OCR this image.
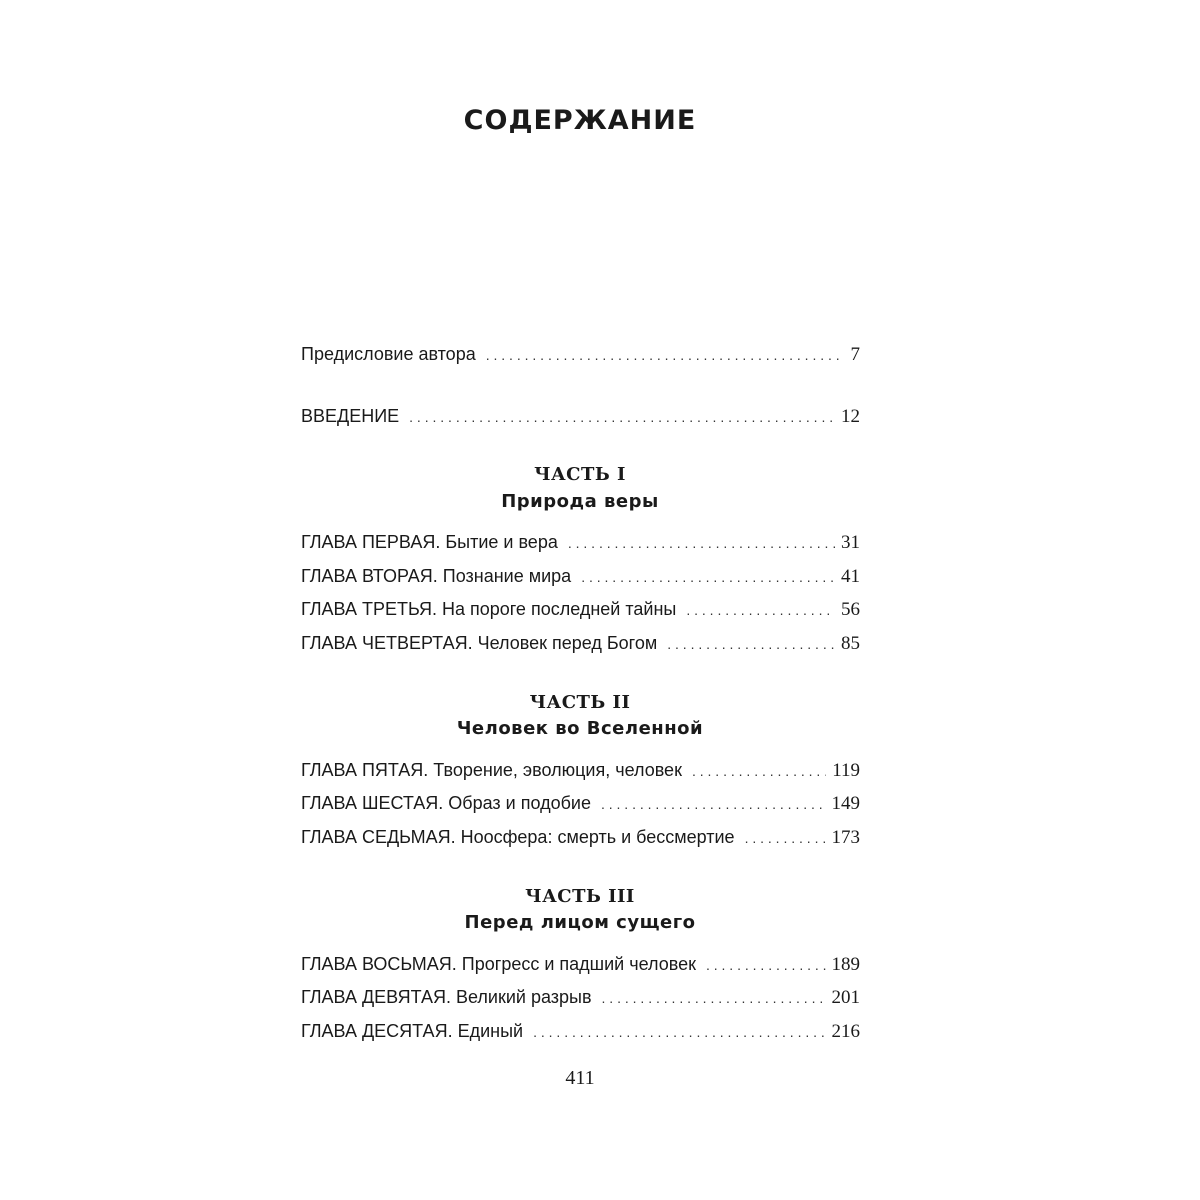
СОДЕРЖАНИЕ
Предисловие автора . . .	7
ВВЕДЕНИЕ . . .	12
ЧАСТЬ I
Природа веры
ГЛАВА ПЕРВАЯ. Бытие и вера . . .	31
ГЛАВА ВТОРАЯ. Познание мира . . .	41
ГЛАВА ТРЕТЬЯ. На пороге последней тайны . . .	56
ГЛАВА ЧЕТВЕРТАЯ. Человек перед Богом . . .	85
ЧАСТЬ II
Человек во Вселенной
ГЛАВА ПЯТАЯ. Творение, эволюция, человек . . .	119
ГЛАВА ШЕСТАЯ. Образ и подобие . . .	149
ГЛАВА СЕДЬМАЯ. Ноосфера: смерть и бессмертие . . .	173
ЧАСТЬ III
Перед лицом сущего
ГЛАВА ВОСЬМАЯ. Прогресс и падший человек . . .	189
ГЛАВА ДЕВЯТАЯ. Великий разрыв . . .	201
ГЛАВА ДЕСЯТАЯ. Единый . . .	216
411
